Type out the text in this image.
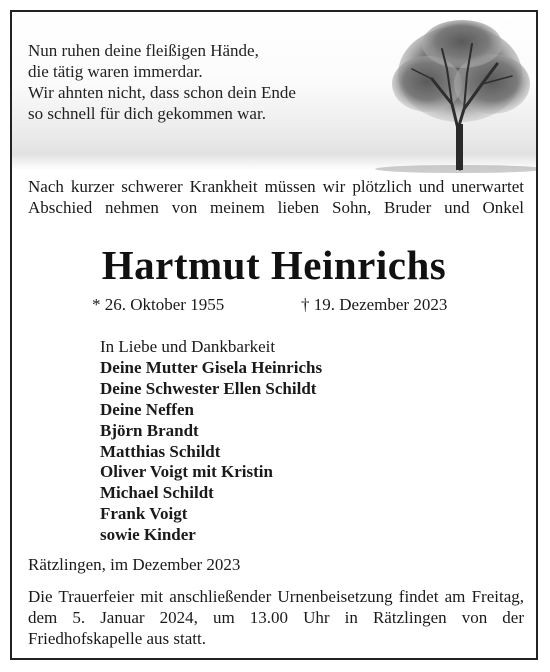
Nun ruhen deine fleißigen Hände,
die tätig waren immerdar.
Wir ahnten nicht, dass schon dein Ende
so schnell für dich gekommen war.
Nach kurzer schwerer Krankheit müssen wir plötzlich und unerwartet Abschied nehmen von meinem lieben Sohn, Bruder und Onkel
Hartmut Heinrichs
* 26. Oktober 1955	† 19. Dezember 2023
In Liebe und Dankbarkeit
Deine Mutter Gisela Heinrichs
Deine Schwester Ellen Schildt
Deine Neffen
Björn Brandt
Matthias Schildt
Oliver Voigt mit Kristin
Michael Schildt
Frank Voigt
sowie Kinder
Rätzlingen, im Dezember 2023
Die Trauerfeier mit anschließender Urnenbeisetzung findet am Freitag, dem 5. Januar 2024, um 13.00 Uhr in Rätzlingen von der Friedhofskapelle aus statt.
